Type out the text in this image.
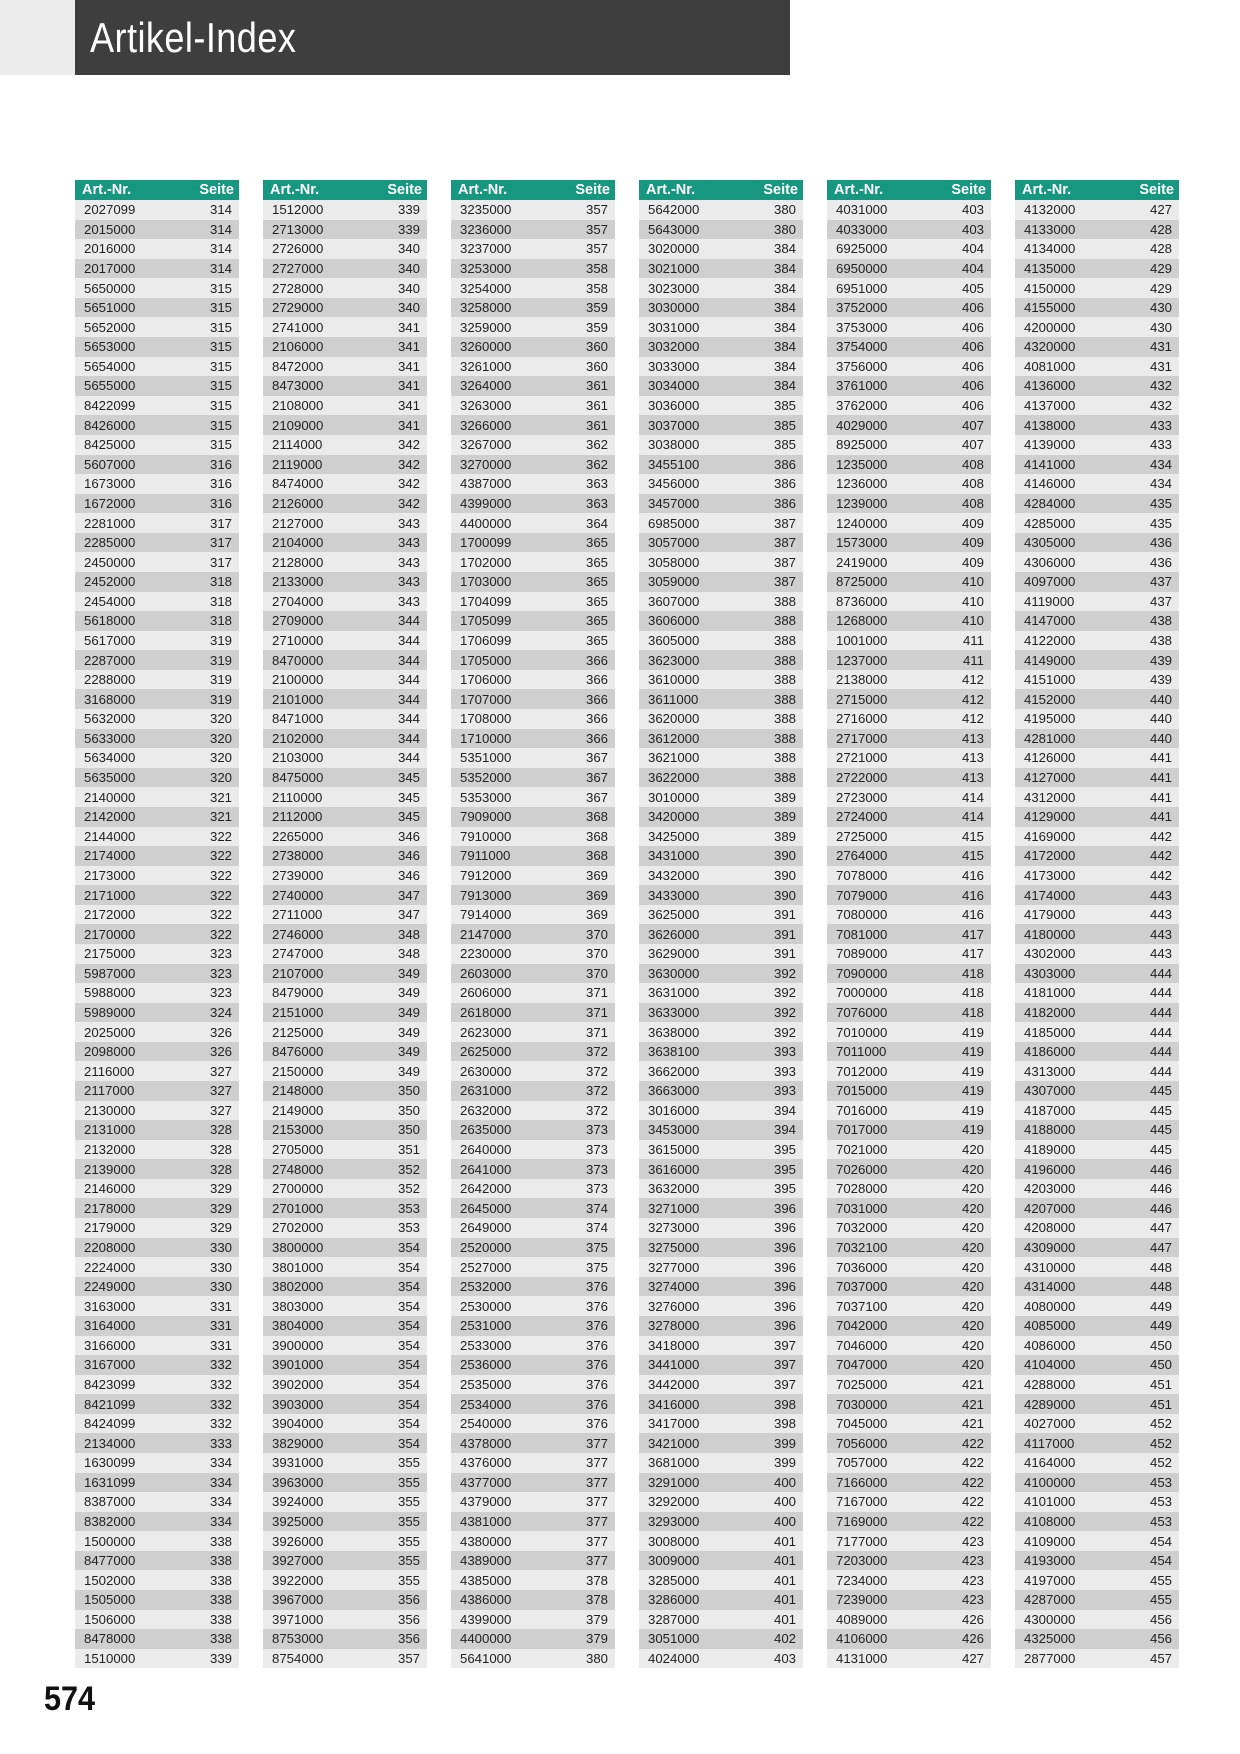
Artikel-Index
Art.-Nr.	Seite
2027099	314
2015000	314
2016000	314
2017000	314
5650000	315
5651000	315
5652000	315
5653000	315
5654000	315
5655000	315
8422099	315
8426000	315
8425000	315
5607000	316
1673000	316
1672000	316
2281000	317
2285000	317
2450000	317
2452000	318
2454000	318
5618000	318
5617000	319
2287000	319
2288000	319
3168000	319
5632000	320
5633000	320
5634000	320
5635000	320
2140000	321
2142000	321
2144000	322
2174000	322
2173000	322
2171000	322
2172000	322
2170000	322
2175000	323
5987000	323
5988000	323
5989000	324
2025000	326
2098000	326
2116000	327
2117000	327
2130000	327
2131000	328
2132000	328
2139000	328
2146000	329
2178000	329
2179000	329
2208000	330
2224000	330
2249000	330
3163000	331
3164000	331
3166000	331
3167000	332
8423099	332
8421099	332
8424099	332
2134000	333
1630099	334
1631099	334
8387000	334
8382000	334
1500000	338
8477000	338
1502000	338
1505000	338
1506000	338
8478000	338
1510000	339
Art.-Nr.	Seite
1512000	339
2713000	339
2726000	340
2727000	340
2728000	340
2729000	340
2741000	341
2106000	341
8472000	341
8473000	341
2108000	341
2109000	341
2114000	342
2119000	342
8474000	342
2126000	342
2127000	343
2104000	343
2128000	343
2133000	343
2704000	343
2709000	344
2710000	344
8470000	344
2100000	344
2101000	344
8471000	344
2102000	344
2103000	344
8475000	345
2110000	345
2112000	345
2265000	346
2738000	346
2739000	346
2740000	347
2711000	347
2746000	348
2747000	348
2107000	349
8479000	349
2151000	349
2125000	349
8476000	349
2150000	349
2148000	350
2149000	350
2153000	350
2705000	351
2748000	352
2700000	352
2701000	353
2702000	353
3800000	354
3801000	354
3802000	354
3803000	354
3804000	354
3900000	354
3901000	354
3902000	354
3903000	354
3904000	354
3829000	354
3931000	355
3963000	355
3924000	355
3925000	355
3926000	355
3927000	355
3922000	355
3967000	356
3971000	356
8753000	356
8754000	357
Art.-Nr.	Seite
3235000	357
3236000	357
3237000	357
3253000	358
3254000	358
3258000	359
3259000	359
3260000	360
3261000	360
3264000	361
3263000	361
3266000	361
3267000	362
3270000	362
4387000	363
4399000	363
4400000	364
1700099	365
1702000	365
1703000	365
1704099	365
1705099	365
1706099	365
1705000	366
1706000	366
1707000	366
1708000	366
1710000	366
5351000	367
5352000	367
5353000	367
7909000	368
7910000	368
7911000	368
7912000	369
7913000	369
7914000	369
2147000	370
2230000	370
2603000	370
2606000	371
2618000	371
2623000	371
2625000	372
2630000	372
2631000	372
2632000	372
2635000	373
2640000	373
2641000	373
2642000	373
2645000	374
2649000	374
2520000	375
2527000	375
2532000	376
2530000	376
2531000	376
2533000	376
2536000	376
2535000	376
2534000	376
2540000	376
4378000	377
4376000	377
4377000	377
4379000	377
4381000	377
4380000	377
4389000	377
4385000	378
4386000	378
4399000	379
4400000	379
5641000	380
Art.-Nr.	Seite
5642000	380
5643000	380
3020000	384
3021000	384
3023000	384
3030000	384
3031000	384
3032000	384
3033000	384
3034000	384
3036000	385
3037000	385
3038000	385
3455100	386
3456000	386
3457000	386
6985000	387
3057000	387
3058000	387
3059000	387
3607000	388
3606000	388
3605000	388
3623000	388
3610000	388
3611000	388
3620000	388
3612000	388
3621000	388
3622000	388
3010000	389
3420000	389
3425000	389
3431000	390
3432000	390
3433000	390
3625000	391
3626000	391
3629000	391
3630000	392
3631000	392
3633000	392
3638000	392
3638100	393
3662000	393
3663000	393
3016000	394
3453000	394
3615000	395
3616000	395
3632000	395
3271000	396
3273000	396
3275000	396
3277000	396
3274000	396
3276000	396
3278000	396
3418000	397
3441000	397
3442000	397
3416000	398
3417000	398
3421000	399
3681000	399
3291000	400
3292000	400
3293000	400
3008000	401
3009000	401
3285000	401
3286000	401
3287000	401
3051000	402
4024000	403
Art.-Nr.	Seite
4031000	403
4033000	403
6925000	404
6950000	404
6951000	405
3752000	406
3753000	406
3754000	406
3756000	406
3761000	406
3762000	406
4029000	407
8925000	407
1235000	408
1236000	408
1239000	408
1240000	409
1573000	409
2419000	409
8725000	410
8736000	410
1268000	410
1001000	411
1237000	411
2138000	412
2715000	412
2716000	412
2717000	413
2721000	413
2722000	413
2723000	414
2724000	414
2725000	415
2764000	415
7078000	416
7079000	416
7080000	416
7081000	417
7089000	417
7090000	418
7000000	418
7076000	418
7010000	419
7011000	419
7012000	419
7015000	419
7016000	419
7017000	419
7021000	420
7026000	420
7028000	420
7031000	420
7032000	420
7032100	420
7036000	420
7037000	420
7037100	420
7042000	420
7046000	420
7047000	420
7025000	421
7030000	421
7045000	421
7056000	422
7057000	422
7166000	422
7167000	422
7169000	422
7177000	423
7203000	423
7234000	423
7239000	423
4089000	426
4106000	426
4131000	427
Art.-Nr.	Seite
4132000	427
4133000	428
4134000	428
4135000	429
4150000	429
4155000	430
4200000	430
4320000	431
4081000	431
4136000	432
4137000	432
4138000	433
4139000	433
4141000	434
4146000	434
4284000	435
4285000	435
4305000	436
4306000	436
4097000	437
4119000	437
4147000	438
4122000	438
4149000	439
4151000	439
4152000	440
4195000	440
4281000	440
4126000	441
4127000	441
4312000	441
4129000	441
4169000	442
4172000	442
4173000	442
4174000	443
4179000	443
4180000	443
4302000	443
4303000	444
4181000	444
4182000	444
4185000	444
4186000	444
4313000	444
4307000	445
4187000	445
4188000	445
4189000	445
4196000	446
4203000	446
4207000	446
4208000	447
4309000	447
4310000	448
4314000	448
4080000	449
4085000	449
4086000	450
4104000	450
4288000	451
4289000	451
4027000	452
4117000	452
4164000	452
4100000	453
4101000	453
4108000	453
4109000	454
4193000	454
4197000	455
4287000	455
4300000	456
4325000	456
2877000	457
574
